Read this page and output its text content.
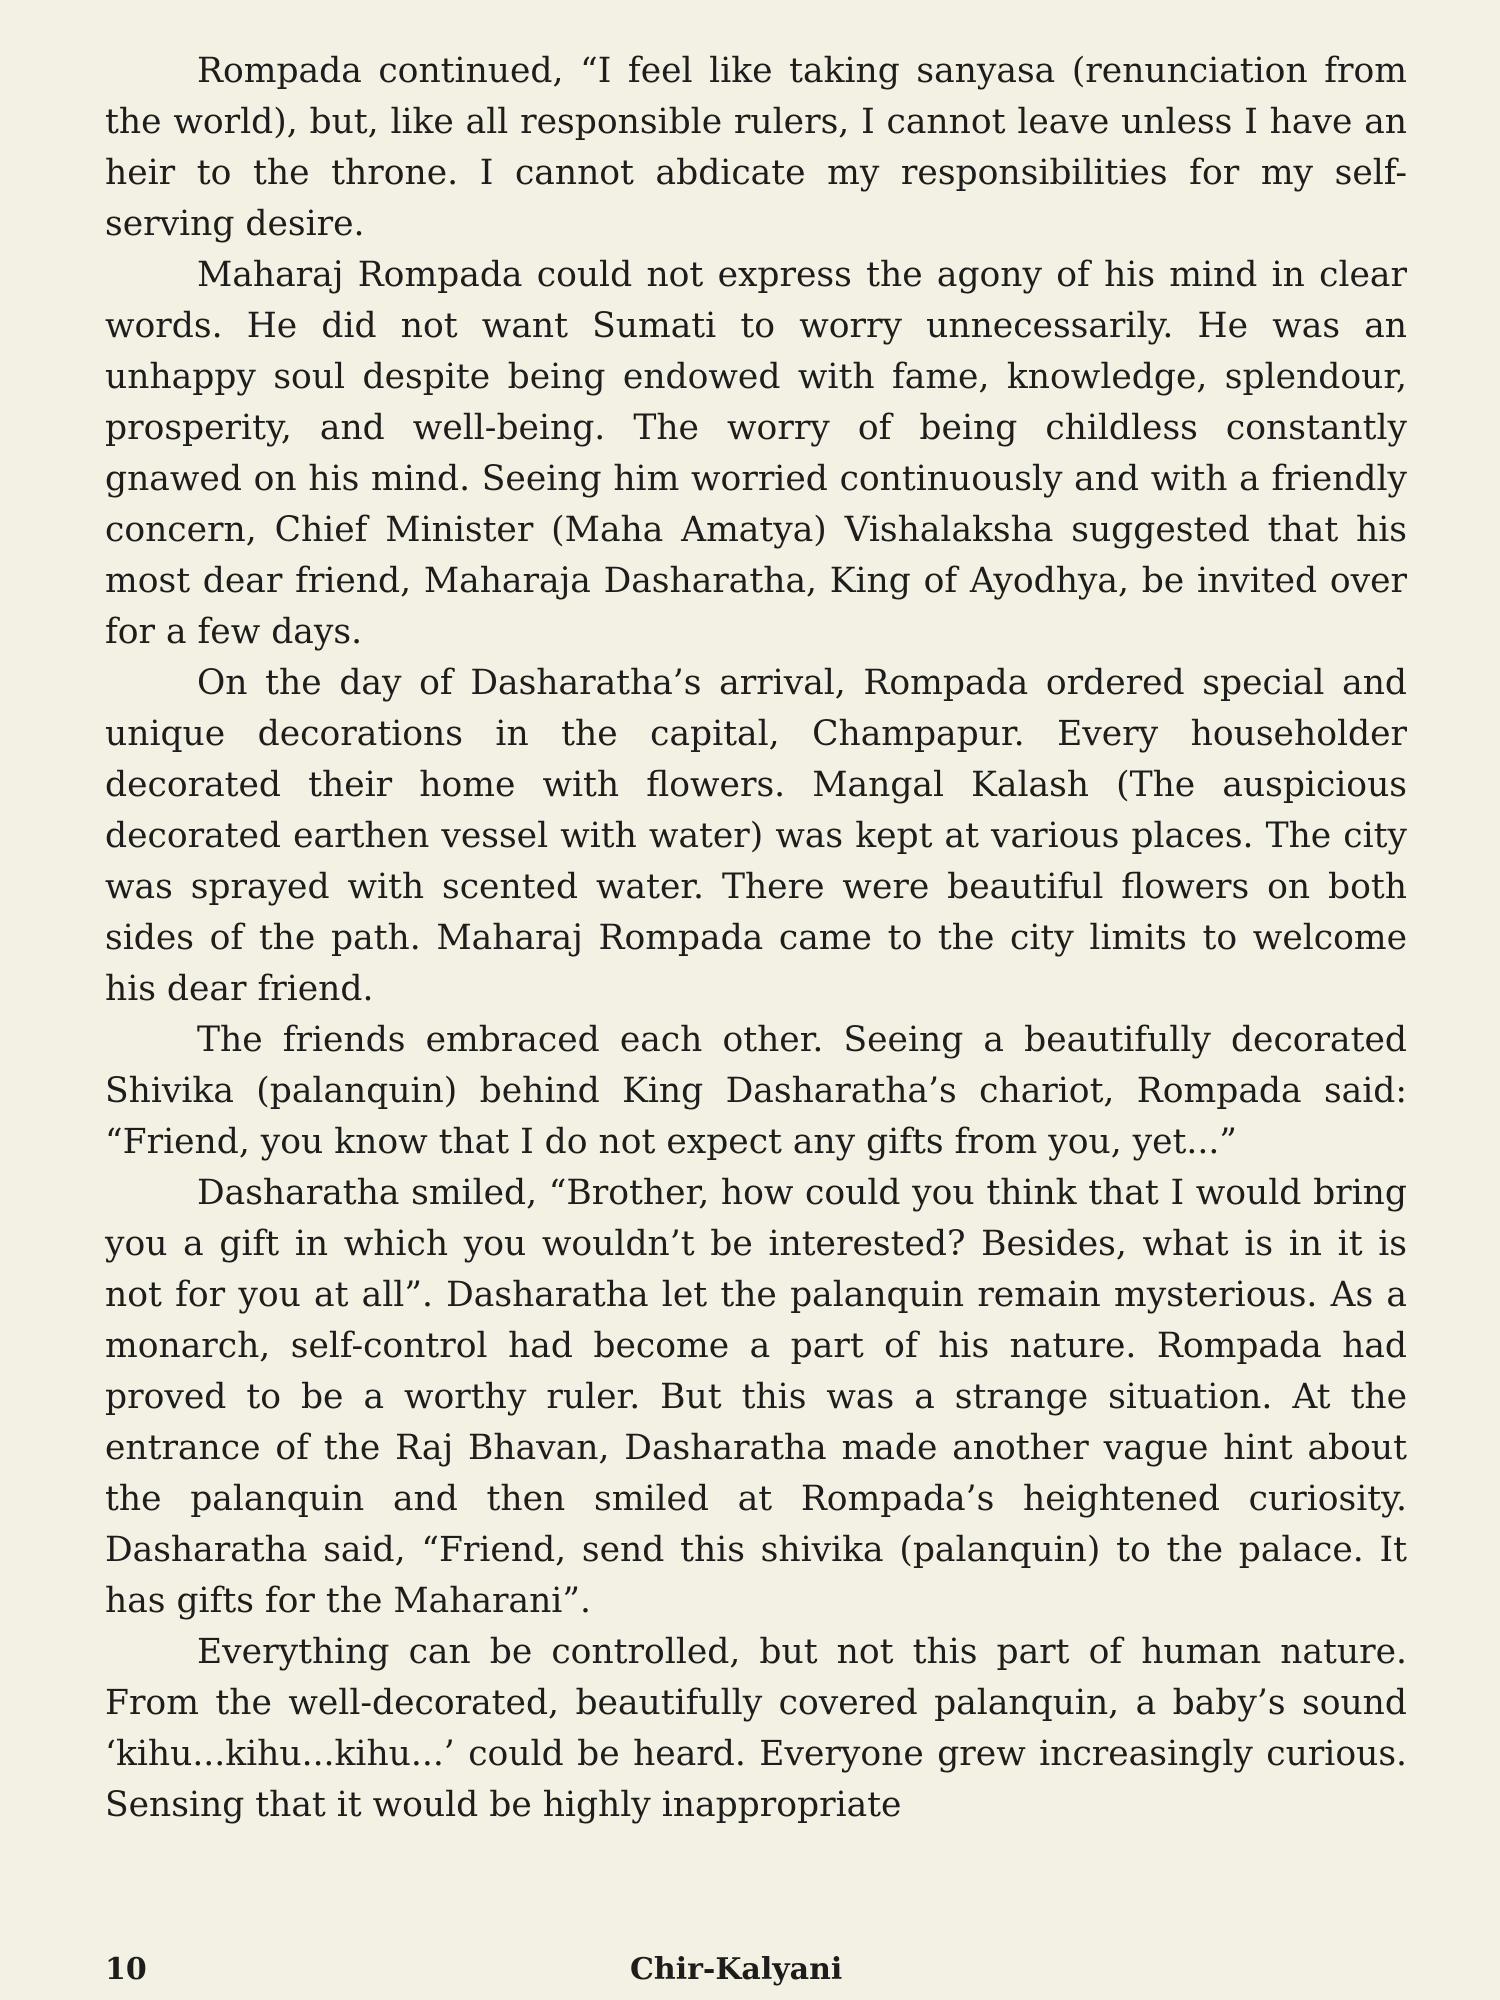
Rompada continued, “I feel like taking sanyasa (renunciation from the world), but, like all responsible rulers, I cannot leave unless I have an heir to the throne. I cannot abdicate my responsibilities for my self-serving desire.

Maharaj Rompada could not express the agony of his mind in clear words. He did not want Sumati to worry unnecessarily. He was an unhappy soul despite being endowed with fame, knowledge, splendour, prosperity, and well-being. The worry of being childless constantly gnawed on his mind. Seeing him worried continuously and with a friendly concern, Chief Minister (Maha Amatya) Vishalaksha suggested that his most dear friend, Maharaja Dasharatha, King of Ayodhya, be invited over for a few days.

On the day of Dasharatha’s arrival, Rompada ordered special and unique decorations in the capital, Champapur. Every householder decorated their home with flowers. Mangal Kalash (The auspicious decorated earthen vessel with water) was kept at various places. The city was sprayed with scented water. There were beautiful flowers on both sides of the path. Maharaj Rompada came to the city limits to welcome his dear friend.

The friends embraced each other. Seeing a beautifully decorated Shivika (palanquin) behind King Dasharatha’s chariot, Rompada said: “Friend, you know that I do not expect any gifts from you, yet...”

Dasharatha smiled, “Brother, how could you think that I would bring you a gift in which you wouldn’t be interested? Besides, what is in it is not for you at all”. Dasharatha let the palanquin remain mysterious. As a monarch, self-control had become a part of his nature. Rompada had proved to be a worthy ruler. But this was a strange situation. At the entrance of the Raj Bhavan, Dasharatha made another vague hint about the palanquin and then smiled at Rompada’s heightened curiosity. Dasharatha said, “Friend, send this shivika (palanquin) to the palace. It has gifts for the Maharani”.

Everything can be controlled, but not this part of human nature. From the well-decorated, beautifully covered palanquin, a baby’s sound ‘kihu...kihu...kihu...’ could be heard. Everyone grew increasingly curious. Sensing that it would be highly inappropriate

10	Chir-Kalyani
